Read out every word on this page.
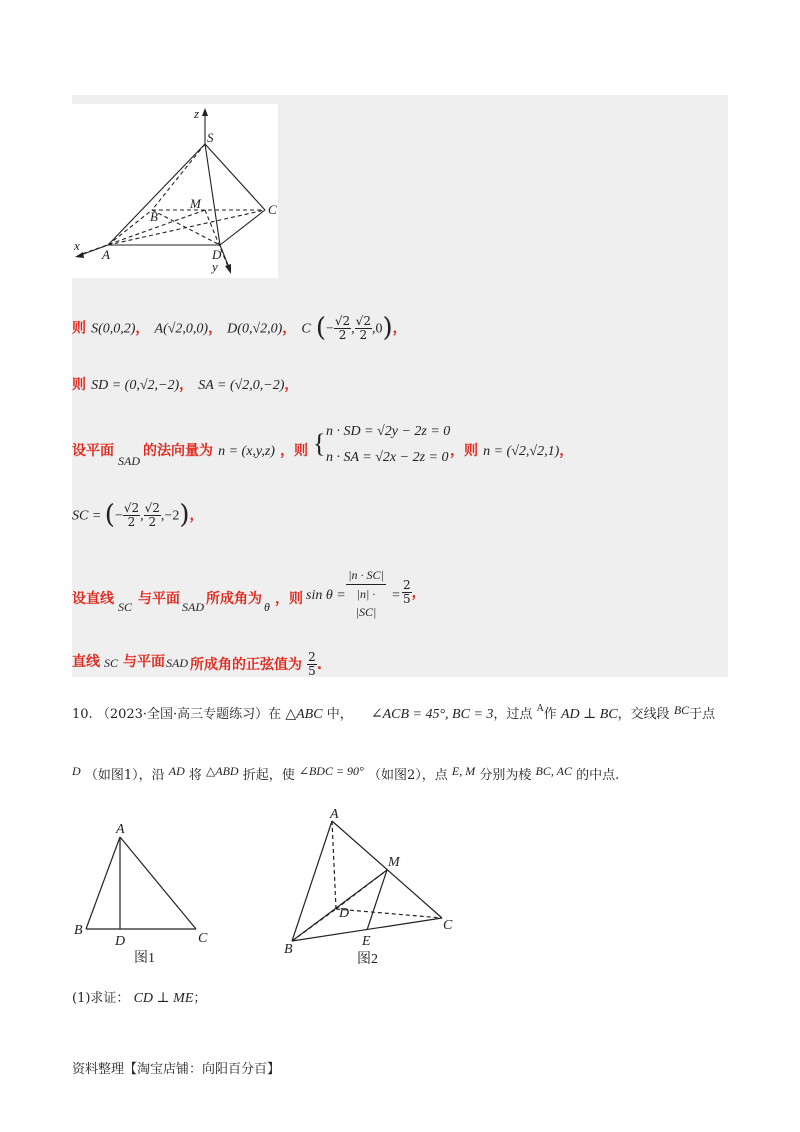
z
S
M
B	C
x
A	D
y
则 S(0,0,2)， A(√2,0,0)， D(0,√2,0)， C (− $\frac{√2}{2}$ , $\frac{√2}{2} ,0$)，
则 SD = (0,√2,−2)， SA = (√2,0,−2)，
设平面
SAD
的法向量为 n = (x,y,z) ，则 { n · SD = √2y − 2z = 0
n · SA = √2x − 2z = 0 ，则 n = (√2,√2,1)，
SC = (− $\frac{√2}{2}$ , $\frac{√2}{2} ,-2$)，
设直线 SC 与平面 SAD 所成角为 θ ，则 $\sin \theta = \frac{|n \cdot SC|}{|n| \cdot |SC|} = \frac{2}{5}$ ，
直线 SC 与平面 SAD 所成角的正弦值为 $\frac{2}{5}$ .
10. （2023·全国·高三专题练习）在 △ABC 中， ∠ACB = 45°, BC = 3，过点 $^A$作 AD ⊥ BC，交线段 BC于点
D （如图1），沿 AD 将 △ABD 折起，使 ∠BDC = 90° （如图2），点 E, M 分别为棱 BC, AC 的中点.
A
B
D	C
图1
A
M
D
B
E
C
图2
(1)求证： CD ⊥ ME；
资料整理【淘宝店铺：向阳百分百】
